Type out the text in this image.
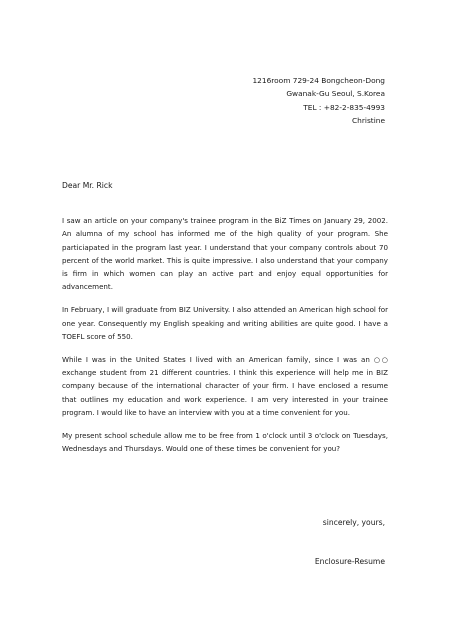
1216room 729-24 Bongcheon-Dong
Gwanak-Gu Seoul, S.Korea
TEL : +82-2-835-4993
Christine
Dear Mr. Rick

I saw an article on your company's trainee program in the BiZ Times on January 29, 2002. An alumna of my school has informed me of the high quality of your program. She particiapated in the program last year. I understand that your company controls about 70 percent of the world market. This is quite impressive. I also understand that your company is firm in which women can play an active part and enjoy equal opportunities for advancement.

In February, I will graduate from BIZ University. I also attended an American high school for one year. Consequently my English speaking and writing abilities are quite good. I have a TOEFL score of 550.

While I was in the United States I lived with an American family, since I was an ○○ exchange student from 21 different countries. I think this experience will help me in BIZ company because of the international character of your firm. I have enclosed a resume that outlines my education and work experience. I am very interested in your trainee program. I would like to have an interview with you at a time convenient for you.

My present school schedule allow me to be free from 1 o'clock until 3 o'clock on Tuesdays, Wednesdays and Thursdays. Would one of these times be convenient for you?

sincerely, yours,
Enclosure-Resume
